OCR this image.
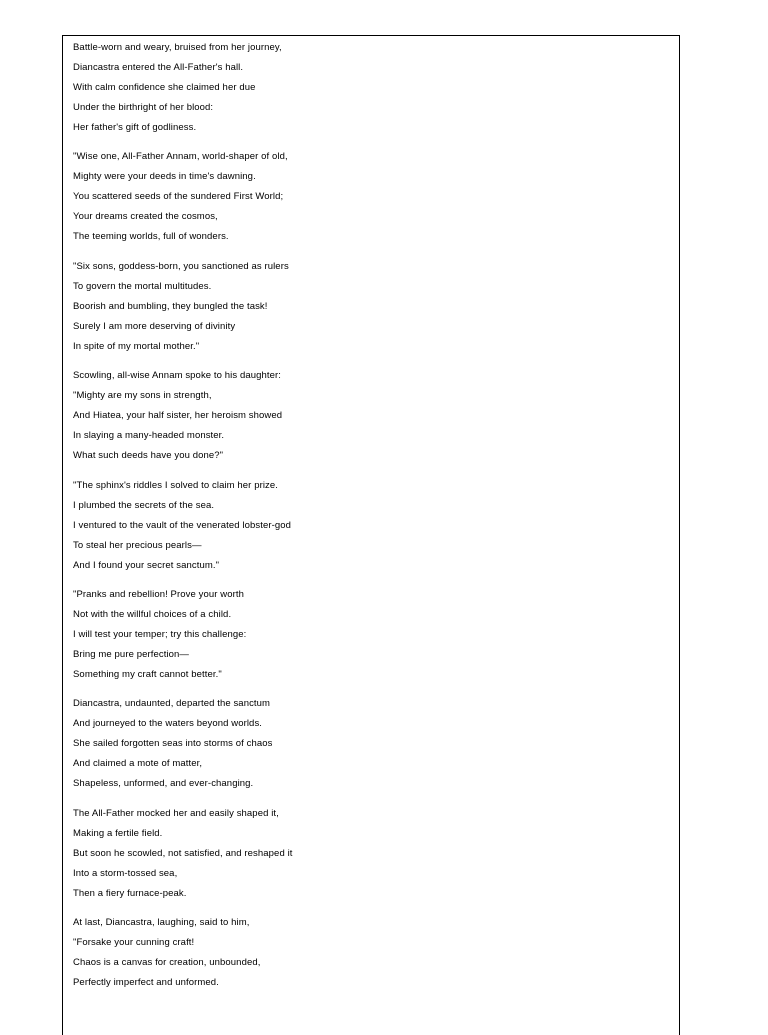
Battle-worn and weary, bruised from her journey,
Diancastra entered the All-Father's hall.
With calm confidence she claimed her due
Under the birthright of her blood:
Her father's gift of godliness.
"Wise one, All-Father Annam, world-shaper of old,
Mighty were your deeds in time's dawning.
You scattered seeds of the sundered First World;
Your dreams created the cosmos,
The teeming worlds, full of wonders.
"Six sons, goddess-born, you sanctioned as rulers
To govern the mortal multitudes.
Boorish and bumbling, they bungled the task!
Surely I am more deserving of divinity
In spite of my mortal mother."
Scowling, all-wise Annam spoke to his daughter:
"Mighty are my sons in strength,
And Hiatea, your half sister, her heroism showed
In slaying a many-headed monster.
What such deeds have you done?"
"The sphinx's riddles I solved to claim her prize.
I plumbed the secrets of the sea.
I ventured to the vault of the venerated lobster-god
To steal her precious pearls—
And I found your secret sanctum."
"Pranks and rebellion! Prove your worth
Not with the willful choices of a child.
I will test your temper; try this challenge:
Bring me pure perfection—
Something my craft cannot better."
Diancastra, undaunted, departed the sanctum
And journeyed to the waters beyond worlds.
She sailed forgotten seas into storms of chaos
And claimed a mote of matter,
Shapeless, unformed, and ever-changing.
The All-Father mocked her and easily shaped it,
Making a fertile field.
But soon he scowled, not satisfied, and reshaped it
Into a storm-tossed sea,
Then a fiery furnace-peak.
At last, Diancastra, laughing, said to him,
"Forsake your cunning craft!
Chaos is a canvas for creation, unbounded,
Perfectly imperfect and unformed.
